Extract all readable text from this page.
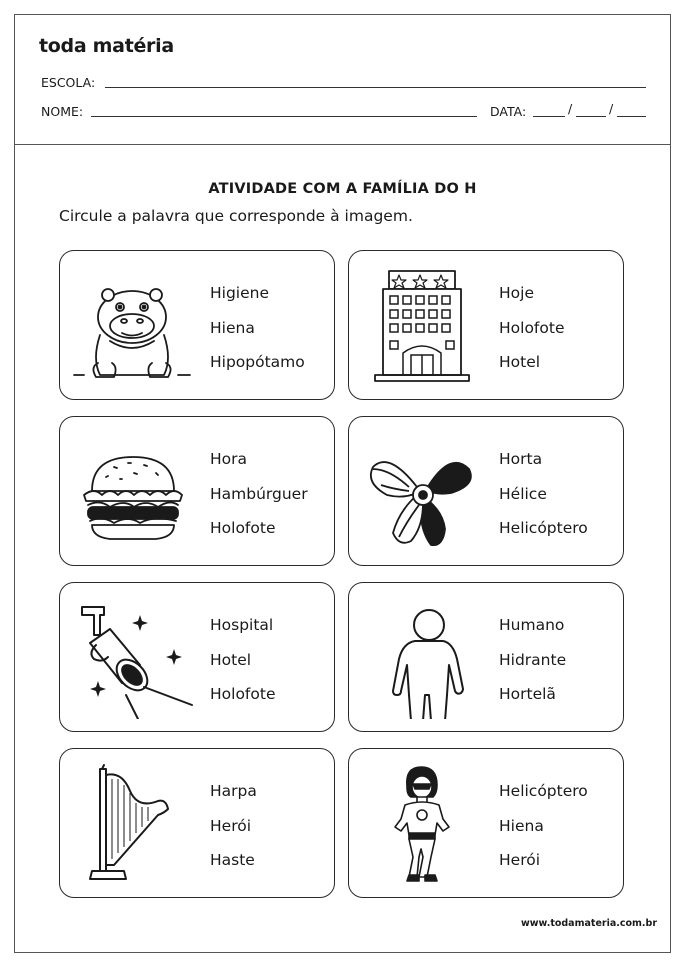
toda matéria
ESCOLA:
NOME:	DATA:	/	/
ATIVIDADE COM A FAMÍLIA DO H
Circule a palavra que corresponde à imagem.
Higiene
Hiena
Hipopótamo
Hoje
Holofote
Hotel
Hora
Hambúrguer
Holofote
Horta
Hélice
Helicóptero
Hospital
Hotel
Holofote
Humano
Hidrante
Hortelã
Harpa
Herói
Haste
Helicóptero
Hiena
Herói
www.todamateria.com.br
